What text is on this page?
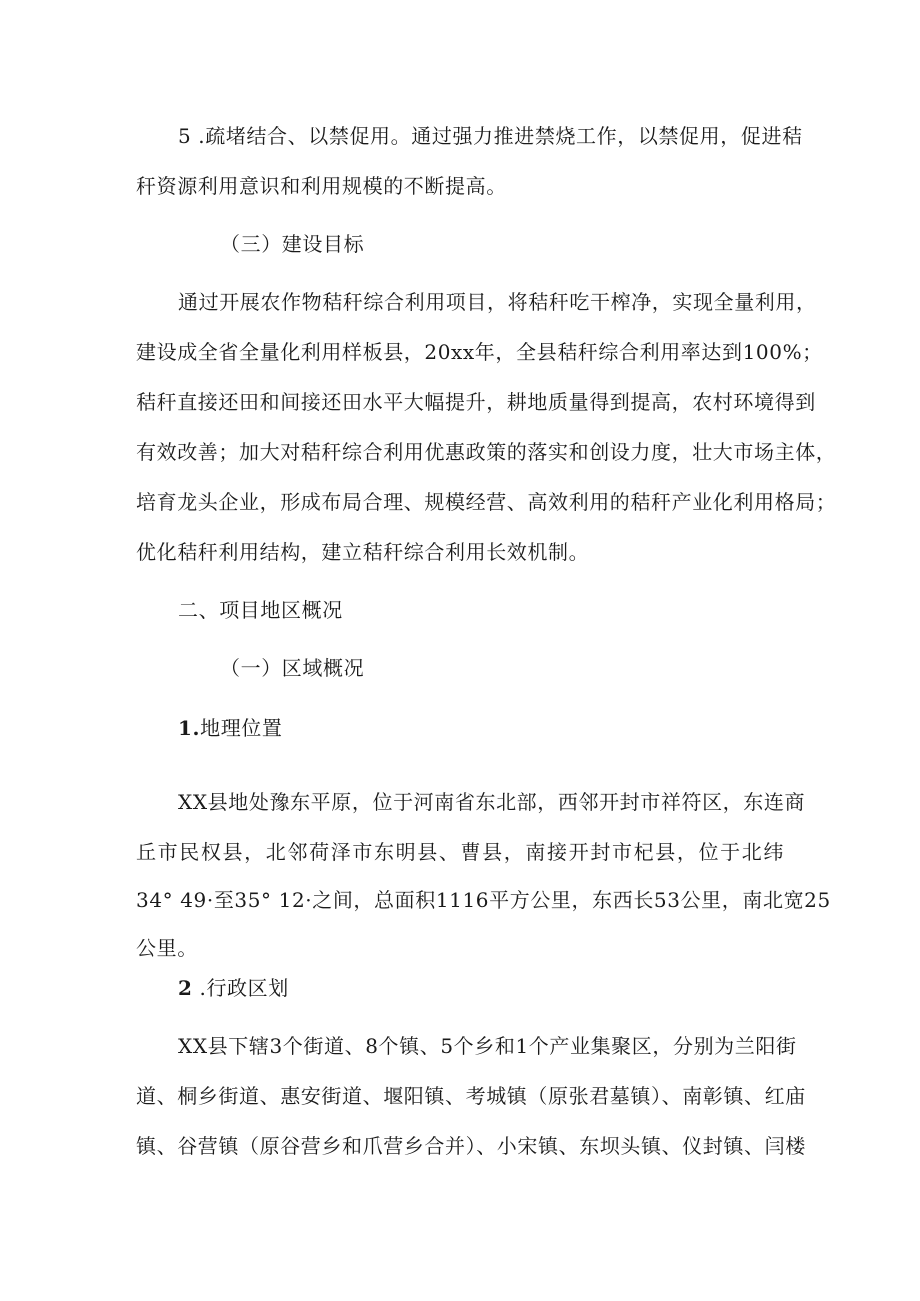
5 .疏堵结合、以禁促用。通过强力推进禁烧工作，以禁促用，促进秸
秆资源利用意识和利用规模的不断提高。
（三）建设目标
通过开展农作物秸秆综合利用项目，将秸秆吃干榨净，实现全量利用，
建设成全省全量化利用样板县，20xx年，全县秸秆综合利用率达到100%；
秸秆直接还田和间接还田水平大幅提升，耕地质量得到提高，农村环境得到
有效改善；加大对秸秆综合利用优惠政策的落实和创设力度，壮大市场主体，
培育龙头企业，形成布局合理、规模经营、高效利用的秸秆产业化利用格局；
优化秸秆利用结构，建立秸秆综合利用长效机制。
二、项目地区概况
（一）区域概况
1.地理位置
XX县地处豫东平原，位于河南省东北部，西邻开封市祥符区，东连商
丘市民权县，北邻荷泽市东明县、曹县，南接开封市杞县，位于北纬
34° 49·至35° 12·之间，总面积1116平方公里，东西长53公里，南北宽25
公里。
2 .行政区划
XX县下辖3个街道、8个镇、5个乡和1个产业集聚区，分别为兰阳街
道、桐乡街道、惠安街道、堰阳镇、考城镇（原张君墓镇）、南彰镇、红庙
镇、谷营镇（原谷营乡和爪营乡合并）、小宋镇、东坝头镇、仪封镇、闫楼
